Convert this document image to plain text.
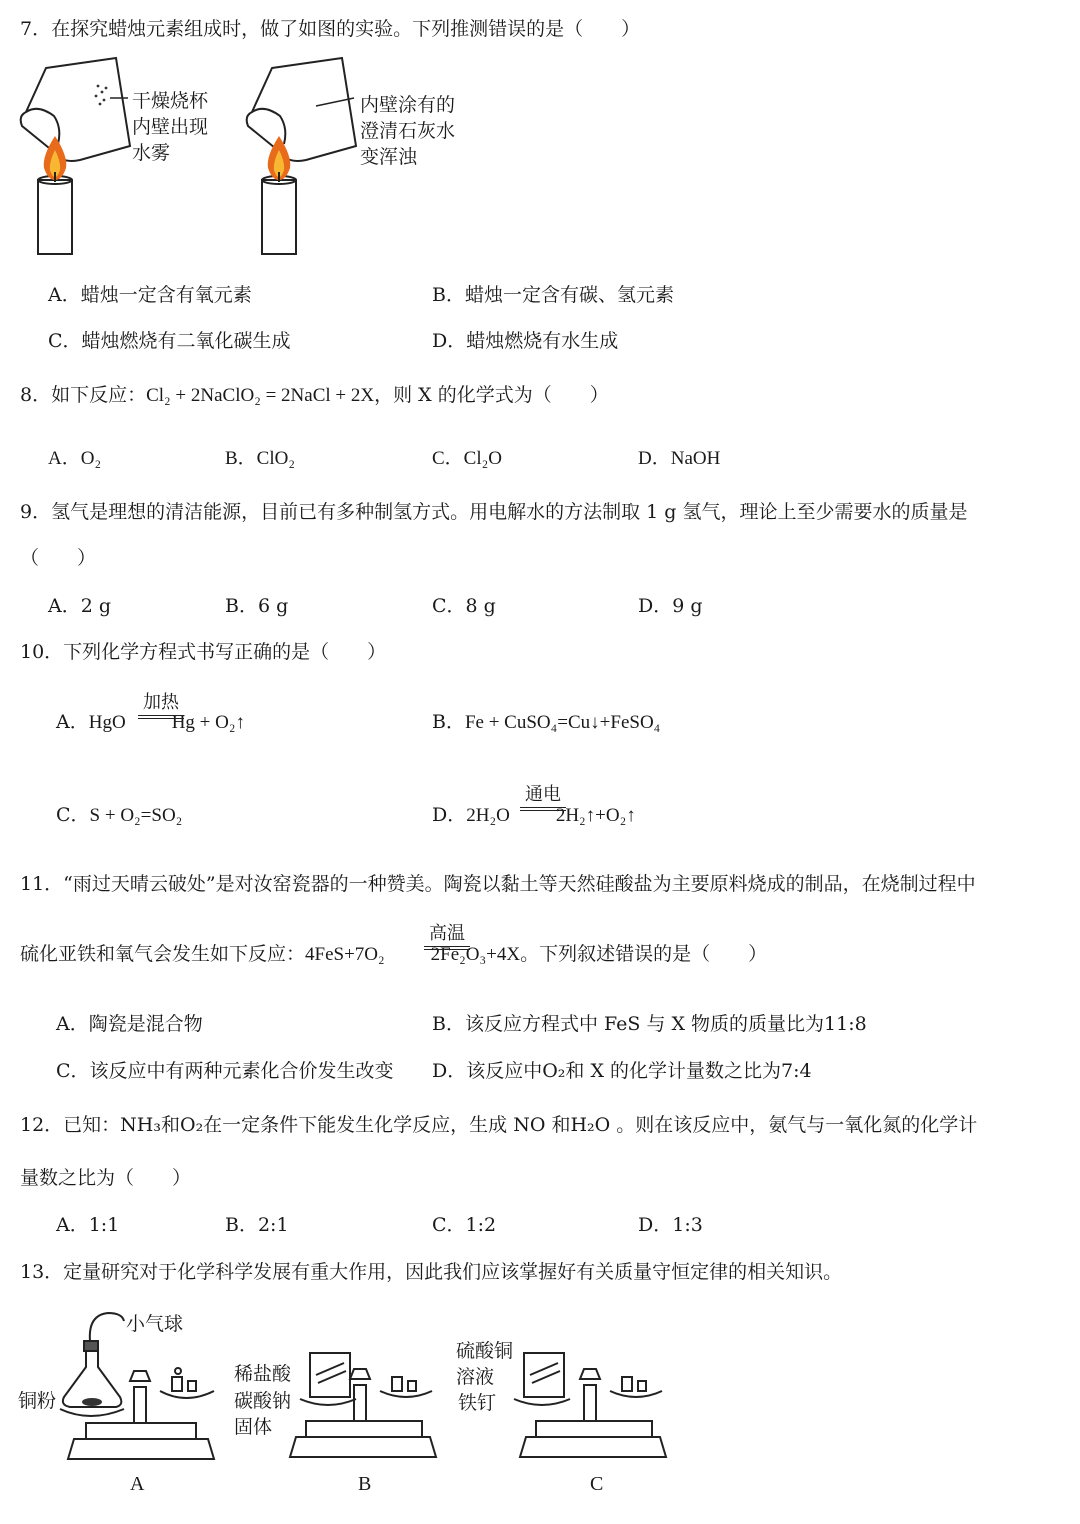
7．在探究蜡烛元素组成时，做了如图的实验。下列推测错误的是（　　）
干燥烧杯
内壁出现
水雾
内壁涂有的
澄清石灰水
变浑浊
A．蜡烛一定含有氧元素	B．蜡烛一定含有碳、氢元素
C．蜡烛燃烧有二氧化碳生成	D．蜡烛燃烧有水生成
8．如下反应：Cl₂ + 2NaClO₂ = 2NaCl + 2X，则 X 的化学式为（　　）
A．O₂	B．ClO₂	C．Cl₂O	D．NaOH
9．氢气是理想的清洁能源，目前已有多种制氢方式。用电解水的方法制取 1 g 氢气，理论上至少需要水的质量是
（　　）
A．2 g	B．6 g	C．8 g	D．9 g
10．下列化学方程式书写正确的是（　　）
A．HgO Hg + O₂↑
加热
B．Fe + CuSO₄=Cu↓+FeSO₄
C．S + O₂=SO₂	D．2H₂O 2H₂↑+O₂↑
通电
11．“雨过天晴云破处”是对汝窑瓷器的一种赞美。陶瓷以黏土等天然硅酸盐为主要原料烧成的制品，在烧制过程中
硫化亚铁和氧气会发生如下反应：4FeS+7O₂ 2Fe₂O₃+4X。下列叙述错误的是（　　）
高温
A．陶瓷是混合物	B．该反应方程式中 FeS 与 X 物质的质量比为11:8
C．该反应中有两种元素化合价发生改变 D．该反应中O₂和 X 的化学计量数之比为7:4
12．已知：NH₃和O₂在一定条件下能发生化学反应，生成 NO 和H₂O 。则在该反应中，氨气与一氧化氮的化学计
量数之比为（　　）
A．1:1	B．2:1	C．1:2	D．1:3
13．定量研究对于化学科学发展有重大作用，因此我们应该掌握好有关质量守恒定律的相关知识。
小气球
铜粉
A
稀盐酸
碳酸钠
固体
B
硫酸铜
溶液
铁钉
C
